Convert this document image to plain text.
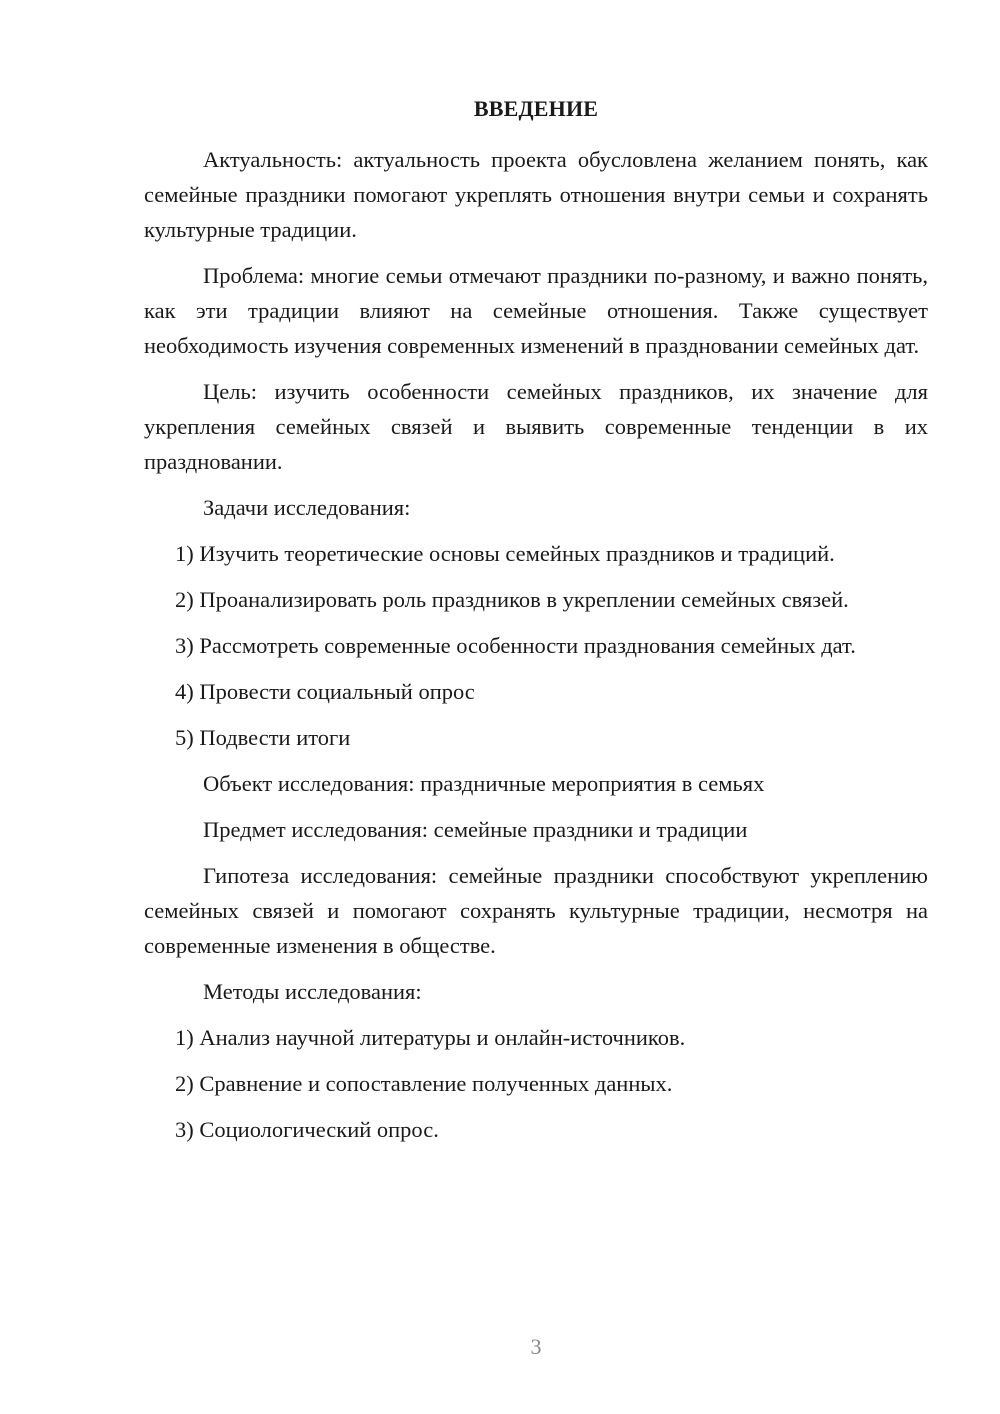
ВВЕДЕНИЕ

Актуальность: актуальность проекта обусловлена желанием понять, как семейные праздники помогают укреплять отношения внутри семьи и сохранять культурные традиции.

Проблема: многие семьи отмечают праздники по-разному, и важно понять, как эти традиции влияют на семейные отношения. Также существует необходимость изучения современных изменений в праздновании семейных дат.

Цель: изучить особенности семейных праздников, их значение для укрепления семейных связей и выявить современные тенденции в их праздновании.

Задачи исследования:

1) Изучить теоретические основы семейных праздников и традиций.

2) Проанализировать роль праздников в укреплении семейных связей.

3) Рассмотреть современные особенности празднования семейных дат.

4) Провести социальный опрос

5) Подвести итоги

Объект исследования: праздничные мероприятия в семьях

Предмет исследования: семейные праздники и традиции

Гипотеза исследования: семейные праздники способствуют укреплению семейных связей и помогают сохранять культурные традиции, несмотря на современные изменения в обществе.

Методы исследования:

1) Анализ научной литературы и онлайн-источников.

2) Сравнение и сопоставление полученных данных.

3) Социологический опрос.

3
